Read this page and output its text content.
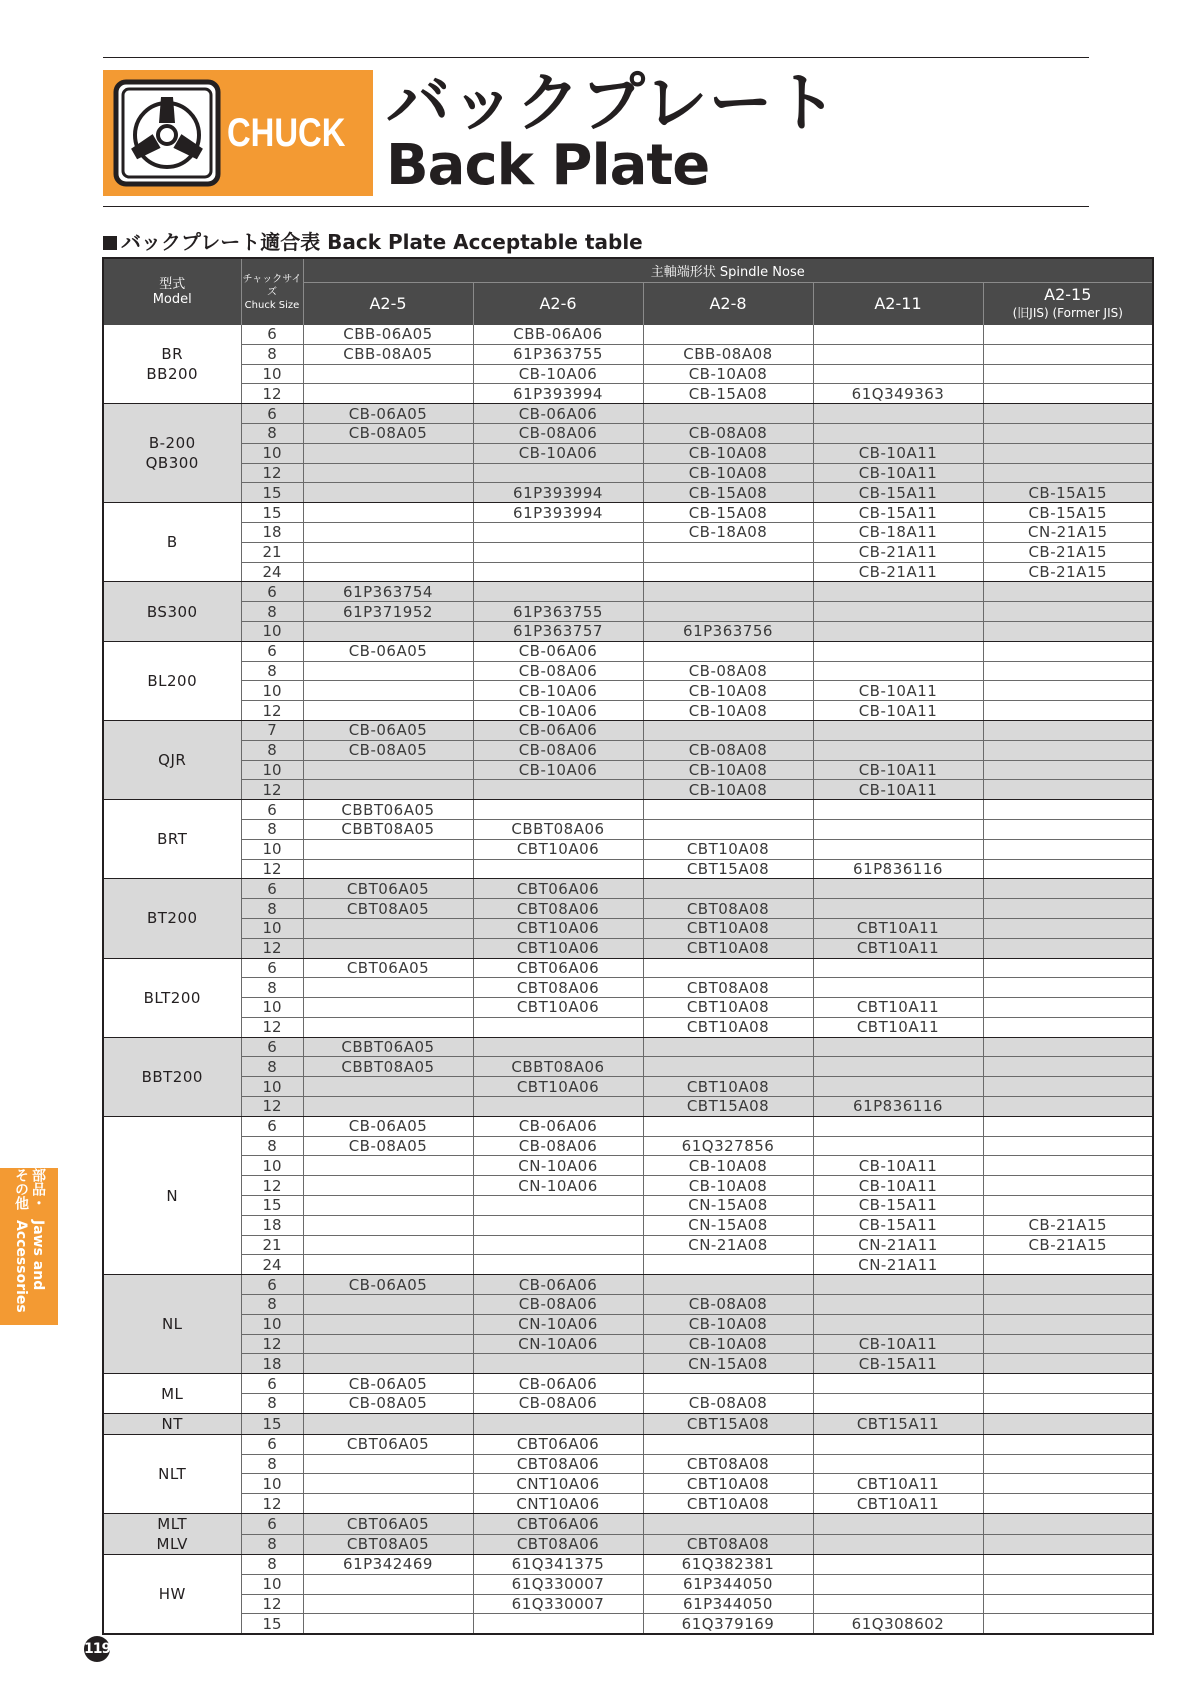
CHUCK バックプレート
Back Plate
バックプレート適合表 Back Plate Acceptable table
型式
Model	チャックサイズ
Chuck Size	主軸端形状 Spindle Nose				
		A2-5	A2-6	A2-8	A2-11	A2-15
(旧JIS) (Former JIS)

BR
BB200	6	CBB-06A05	CBB-06A06			
	8	CBB-08A05	61P363755	CBB-08A08		
	10		CB-10A06	CB-10A08		
	12		61P393994	CB-15A08	61Q349363	
B-200
QB300	6	CB-06A05	CB-06A06			
	8	CB-08A05	CB-08A06	CB-08A08		
	10		CB-10A06	CB-10A08	CB-10A11	
	12			CB-10A08	CB-10A11	
	15		61P393994	CB-15A08	CB-15A11	CB-15A15
B	15		61P393994	CB-15A08	CB-15A11	CB-15A15
	18			CB-18A08	CB-18A11	CN-21A15
	21				CB-21A11	CB-21A15
	24				CB-21A11	CB-21A15
BS300	6	61P363754				
	8	61P371952	61P363755			
	10		61P363757	61P363756		
BL200	6	CB-06A05	CB-06A06			
	8		CB-08A06	CB-08A08		
	10		CB-10A06	CB-10A08	CB-10A11	
	12		CB-10A06	CB-10A08	CB-10A11	
QJR	7	CB-06A05	CB-06A06			
	8	CB-08A05	CB-08A06	CB-08A08		
	10		CB-10A06	CB-10A08	CB-10A11	
	12			CB-10A08	CB-10A11	
BRT	6	CBBT06A05				
	8	CBBT08A05	CBBT08A06			
	10		CBT10A06	CBT10A08		
	12			CBT15A08	61P836116	
BT200	6	CBT06A05	CBT06A06			
	8	CBT08A05	CBT08A06	CBT08A08		
	10		CBT10A06	CBT10A08	CBT10A11	
	12		CBT10A06	CBT10A08	CBT10A11	
BLT200	6	CBT06A05	CBT06A06			
	8		CBT08A06	CBT08A08		
	10		CBT10A06	CBT10A08	CBT10A11	
	12			CBT10A08	CBT10A11	
BBT200	6	CBBT06A05				
	8	CBBT08A05	CBBT08A06			
	10		CBT10A06	CBT10A08		
	12			CBT15A08	61P836116	
N	6	CB-06A05	CB-06A06			
	8	CB-08A05	CB-08A06	61Q327856		
	10		CN-10A06	CB-10A08	CB-10A11	
	12		CN-10A06	CB-10A08	CB-10A11	
	15			CN-15A08	CB-15A11	
	18			CN-15A08	CB-15A11	CB-21A15
	21			CN-21A08	CN-21A11	CB-21A15
	24				CN-21A11	
NL	6	CB-06A05	CB-06A06			
	8		CB-08A06	CB-08A08		
	10		CN-10A06	CB-10A08		
	12		CN-10A06	CB-10A08	CB-10A11	
	18			CN-15A08	CB-15A11	
ML	6	CB-06A05	CB-06A06			
	8	CB-08A05	CB-08A06	CB-08A08		
NT	15			CBT15A08	CBT15A11	
NLT	6	CBT06A05	CBT06A06			
	8		CBT08A06	CBT08A08		
	10		CNT10A06	CBT10A08	CBT10A11	
	12		CNT10A06	CBT10A08	CBT10A11	
MLT
MLV	6	CBT06A05	CBT06A06			
	8	CBT08A05	CBT08A06	CBT08A08		
HW	8	61P342469	61Q341375	61Q382381		
	10		61Q330007	61P344050		
	12		61Q330007	61P344050		
	15			61Q379169	61Q308602	
部品・その他
Jaws and Accessories
119
